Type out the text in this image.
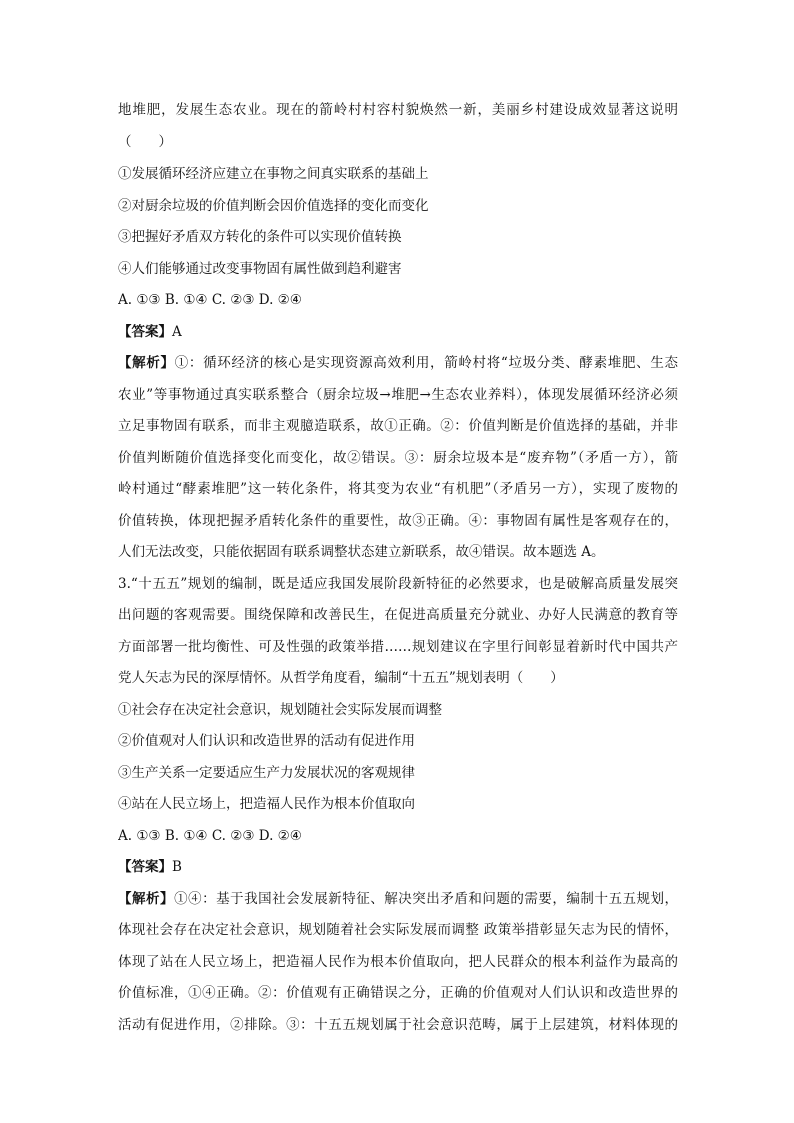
地堆肥，发展生态农业。现在的箭岭村村容村貌焕然一新，美丽乡村建设成效显著这说明
（　　）
①发展循环经济应建立在事物之间真实联系的基础上
②对厨余垃圾的价值判断会因价值选择的变化而变化
③把握好矛盾双方转化的条件可以实现价值转换
④人们能够通过改变事物固有属性做到趋利避害
A. ①③ B. ①④ C. ②③ D. ②④
【答案】A
【解析】①：循环经济的核心是实现资源高效利用，箭岭村将“垃圾分类、酵素堆肥、生态
农业”等事物通过真实联系整合（厨余垃圾→堆肥→生态农业养料），体现发展循环经济必须
立足事物固有联系，而非主观臆造联系，故①正确。②：价值判断是价值选择的基础，并非
价值判断随价值选择变化而变化，故②错误。③：厨余垃圾本是“废弃物”（矛盾一方），箭
岭村通过“酵素堆肥”这一转化条件，将其变为农业“有机肥”（矛盾另一方），实现了废物的
价值转换，体现把握矛盾转化条件的重要性，故③正确。④：事物固有属性是客观存在的，
人们无法改变，只能依据固有联系调整状态建立新联系，故④错误。故本题选 A。
3.“十五五”规划的编制，既是适应我国发展阶段新特征的必然要求，也是破解高质量发展突
出问题的客观需要。围绕保障和改善民生，在促进高质量充分就业、办好人民满意的教育等
方面部署一批均衡性、可及性强的政策举措……规划建议在字里行间彰显着新时代中国共产
党人矢志为民的深厚情怀。从哲学角度看，编制“十五五”规划表明（　　）
①社会存在决定社会意识，规划随社会实际发展而调整
②价值观对人们认识和改造世界的活动有促进作用
③生产关系一定要适应生产力发展状况的客观规律
④站在人民立场上，把造福人民作为根本价值取向
A. ①③ B. ①④ C. ②③ D. ②④
【答案】B
【解析】①④：基于我国社会发展新特征、解决突出矛盾和问题的需要，编制十五五规划，
体现社会存在决定社会意识，规划随着社会实际发展而调整 政策举措彰显矢志为民的情怀，
体现了站在人民立场上，把造福人民作为根本价值取向，把人民群众的根本利益作为最高的
价值标准，①④正确。②：价值观有正确错误之分，正确的价值观对人们认识和改造世界的
活动有促进作用，②排除。③：十五五规划属于社会意识范畴，属于上层建筑，材料体现的
